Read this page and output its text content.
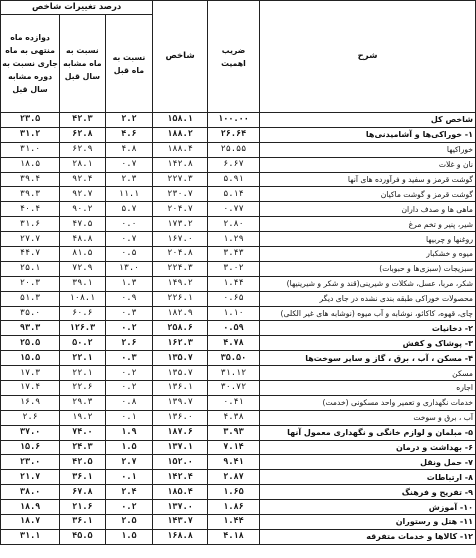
شرح	ضریب اهمیت	شاخص	درصد تغییرات شاخص		
			نسبت به ماه قبل	نسبت به ماه مشابه سال قبل	دوازده ماه منتهی به ماه جاری نسبت به دوره مشابه سال قبل
شاخص کل	۱۰۰.۰۰	۱۵۸.۱	۲.۲	۴۲.۳	۲۳.۵
۱- خوراکی‌ها و آشامیدنی‌ها	۲۶.۶۴	۱۸۸.۲	۴.۶	۶۲.۸	۳۱.۲
خوراکیها	۲۵.۵۵	۱۸۸.۴	۴.۸	۶۲.۹	۳۱.۰
نان و غلات	۶.۶۷	۱۴۲.۸	۰.۷	۲۸.۱	۱۸.۵
گوشت قرمز و سفید و فرآورده های آنها	۵.۹۱	۲۲۷.۳	۲.۳	۹۲.۴	۳۹.۴
گوشت قرمز و گوشت ماکیان	۵.۱۴	۲۳۰.۷	۱۱.۱	۹۲.۷	۳۹.۳
ماهی ها و صدف داران	۰.۷۷	۲۰۴.۷	۵.۷	۹۰.۲	۴۰.۴
شیر، پنیر و تخم مرغ	۲.۸۰	۱۷۳.۲	۰.۰	۴۷.۵	۳۱.۶
روغنها و چربیها	۱.۲۹	۱۶۷.۰	۰.۷	۴۸.۸	۲۷.۷
میوه و خشکبار	۳.۴۳	۲۰۴.۸	۰.۵	۸۱.۵	۴۴.۷
سبزیجات (سبزی‌ها و حبوبات)	۳.۰۲	۲۲۴.۳	۱۳.۰	۷۲.۹	۲۵.۱
شکر، مربا، عسل، شکلات و شیرینی(قند و شکر و شیرینیها)	۱.۴۴	۱۴۹.۲	۱.۳	۳۹.۱	۲۰.۳
محصولات خوراکی طبقه بندی نشده در جای دیگر	۰.۶۵	۲۲۶.۱	۰.۹	۱۰۸.۱	۵۱.۳
چای، قهوه، کاکائو، نوشابه و آب میوه (نوشابه های غیر الکلی)	۱.۱۰	۱۸۲.۹	۰.۳	۶۰.۶	۳۵.۰
۲- دخانیات	۰.۵۹	۲۵۸.۶	۰.۲	۱۲۶.۳	۹۳.۳
۳- پوشاک و کفش	۴.۷۸	۱۶۲.۳	۲.۶	۵۰.۲	۲۵.۵
۴- مسکن ، آب ، برق ، گاز و سایر سوخت‌ها	۳۵.۵۰	۱۳۵.۷	۰.۳	۲۲.۱	۱۵.۵
مسکن	۳۱.۱۲	۱۳۵.۷	۰.۲	۲۲.۱	۱۷.۳
اجاره	۳۰.۷۲	۱۳۶.۱	۰.۲	۲۲.۶	۱۷.۴
خدمات نگهداری و تعمیر واحد مسکونی (خدمت)	۰.۴۱	۱۳۹.۷	۰.۸	۲۹.۳	۱۶.۹
آب ، برق و سوخت	۴.۳۸	۱۳۶.۰	۰.۱	۱۹.۲	۲.۶
۵- مبلمان و لوازم خانگی و نگهداری معمول آنها	۳.۹۳	۱۸۷.۶	۱.۹	۷۴.۰	۳۷.۰
۶- بهداشت و درمان	۷.۱۴	۱۳۷.۱	۱.۵	۲۴.۳	۱۵.۶
۷- حمل ونقل	۹.۴۱	۱۵۲.۰	۲.۷	۴۲.۵	۲۳.۰
۸- ارتباطات	۲.۸۷	۱۴۲.۴	۰.۱	۳۶.۱	۲۱.۷
۹- تفریح و فرهنگ	۱.۶۵	۱۸۵.۴	۲.۴	۶۷.۸	۳۸.۰
۱۰- آموزش	۱.۸۶	۱۳۷.۰	۰.۲	۲۱.۶	۱۸.۹
۱۱- هتل و رستوران	۱.۴۴	۱۴۳.۷	۲.۵	۳۶.۱	۱۸.۷
۱۲- کالاها و خدمات متفرقه	۴.۱۸	۱۶۸.۸	۱.۵	۴۵.۵	۳۱.۱
